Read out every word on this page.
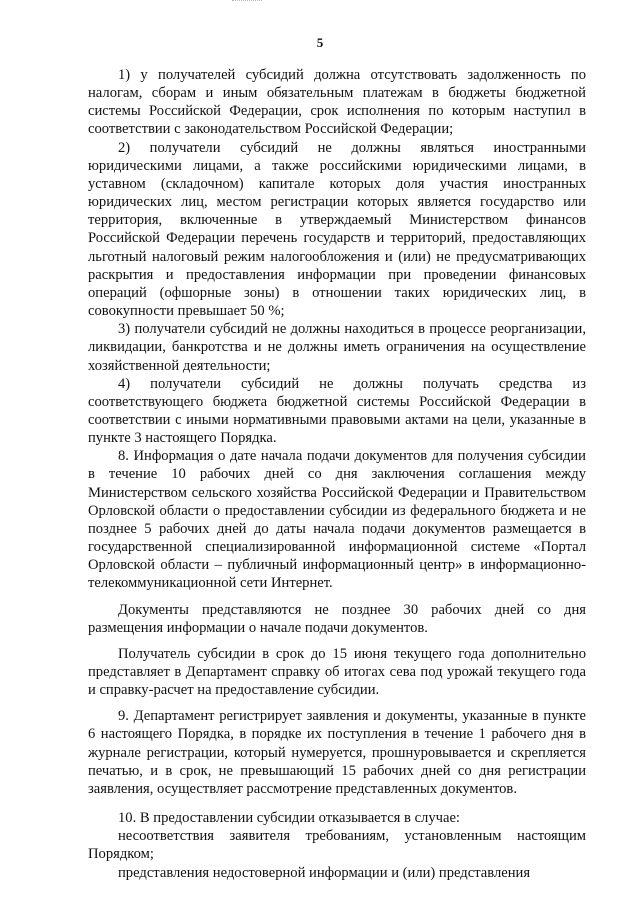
5

1) у получателей субсидий должна отсутствовать задолженность по налогам, сборам и иным обязательным платежам в бюджеты бюджетной системы Российской Федерации, срок исполнения по которым наступил в соответствии с законодательством Российской Федерации;

2) получатели субсидий не должны являться иностранными юридическими лицами, а также российскими юридическими лицами, в уставном (складочном) капитале которых доля участия иностранных юридических лиц, местом регистрации которых является государство или территория, включенные в утверждаемый Министерством финансов Российской Федерации перечень государств и территорий, предоставляющих льготный налоговый режим налогообложения и (или) не предусматривающих раскрытия и предоставления информации при проведении финансовых операций (офшорные зоны) в отношении таких юридических лиц, в совокупности превышает 50 %;

3) получатели субсидий не должны находиться в процессе реорганизации, ликвидации, банкротства и не должны иметь ограничения на осуществление хозяйственной деятельности;

4) получатели субсидий не должны получать средства из соответствующего бюджета бюджетной системы Российской Федерации в соответствии с иными нормативными правовыми актами на цели, указанные в пункте 3 настоящего Порядка.

8. Информация о дате начала подачи документов для получения субсидии в течение 10 рабочих дней со дня заключения соглашения между Министерством сельского хозяйства Российской Федерации и Правительством Орловской области о предоставлении субсидии из федерального бюджета и не позднее 5 рабочих дней до даты начала подачи документов размещается в государственной специализированной информационной системе «Портал Орловской области – публичный информационный центр» в информационно-телекоммуникационной сети Интернет.

Документы представляются не позднее 30 рабочих дней со дня размещения информации о начале подачи документов.

Получатель субсидии в срок до 15 июня текущего года дополнительно представляет в Департамент справку об итогах сева под урожай текущего года и справку-расчет на предоставление субсидии.

9. Департамент регистрирует заявления и документы, указанные в пункте 6 настоящего Порядка, в порядке их поступления в течение 1 рабочего дня в журнале регистрации, который нумеруется, прошнуровывается и скрепляется печатью, и в срок, не превышающий 15 рабочих дней со дня регистрации заявления, осуществляет рассмотрение представленных документов.

10. В предоставлении субсидии отказывается в случае:

несоответствия заявителя требованиям, установленным настоящим Порядком;

представления недостоверной информации и (или) представления
